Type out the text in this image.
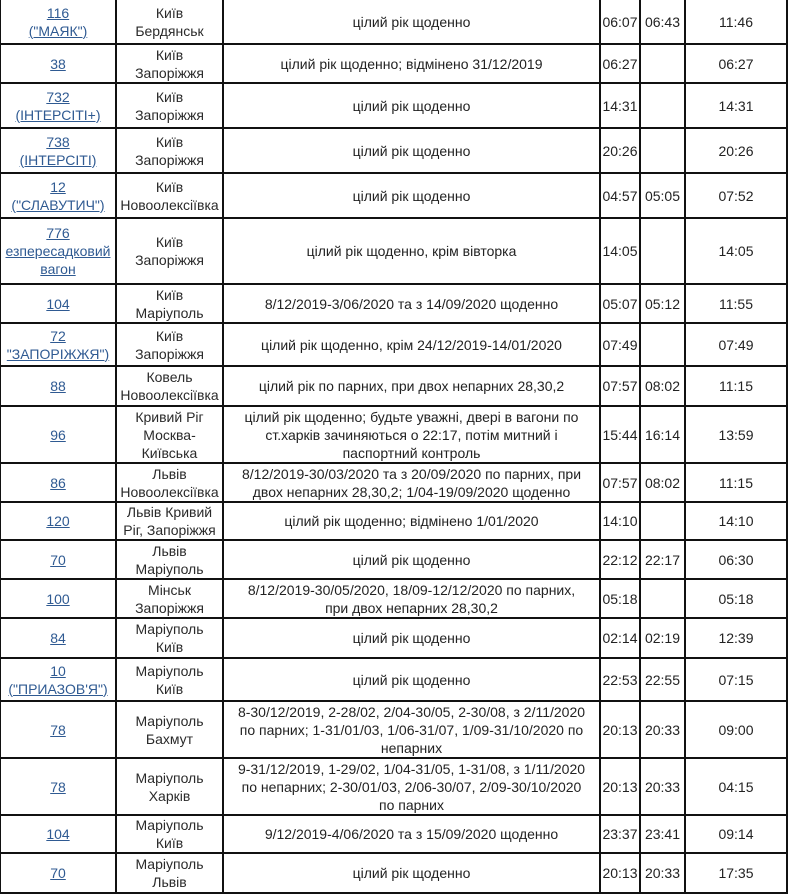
116
("МАЯК")	Київ
Бердянськ	цілий рік щоденно	06:07	06:43	11:46

38	Київ
Запоріжжя	цілий рік щоденно; відмінено 31/12/2019	06:27		06:27

732
(ІНТЕРСІТІ+)	Київ
Запоріжжя	цілий рік щоденно	14:31		14:31

738
(ІНТЕРСІТІ)	Київ
Запоріжжя	цілий рік щоденно	20:26		20:26

12
("СЛАВУТИЧ")	Київ
Новоолексіївка	цілий рік щоденно	04:57	05:05	07:52

776
езпересадковий
вагон	Київ
Запоріжжя	цілий рік щоденно, крім вівторка	14:05		14:05

104	Київ
Маріуполь	8/12/2019-3/06/2020 та з 14/09/2020 щоденно	05:07	05:12	11:55

72
"ЗАПОРІЖЖЯ")	Київ
Запоріжжя	цілий рік щоденно, крім 24/12/2019-14/01/2020	07:49		07:49

88	Ковель
Новоолексіївка	цілий рік по парних, при двох непарних 28,30,2	07:57	08:02	11:15

96	Кривий Ріг
Москва-
Київська	цілий рік щоденно; будьте уважні, двері в вагони по
ст.харків зачиняються о 22:17, потім митний і
паспортний контроль	15:44	16:14	13:59

86	Львів
Новоолексіївка	8/12/2019-30/03/2020 та з 20/09/2020 по парних, при
двох непарних 28,30,2; 1/04-19/09/2020 щоденно	07:57	08:02	11:15

120	Львів Кривий
Ріг, Запоріжжя	цілий рік щоденно; відмінено 1/01/2020	14:10		14:10

70	Львів
Маріуполь	цілий рік щоденно	22:12	22:17	06:30

100	Мінськ
Запоріжжя	8/12/2019-30/05/2020, 18/09-12/12/2020 по парних,
при двох непарних 28,30,2	05:18		05:18

84	Маріуполь
Київ	цілий рік щоденно	02:14	02:19	12:39

10
("ПРИАЗОВ'Я")	Маріуполь
Київ	цілий рік щоденно	22:53	22:55	07:15

78	Маріуполь
Бахмут	8-30/12/2019, 2-28/02, 2/04-30/05, 2-30/08, з 2/11/2020
по парних; 1-31/01/03, 1/06-31/07, 1/09-31/10/2020 по
непарних	20:13	20:33	09:00

78	Маріуполь
Харків	9-31/12/2019, 1-29/02, 1/04-31/05, 1-31/08, з 1/11/2020
по непарних; 2-30/01/03, 2/06-30/07, 2/09-30/10/2020
по парних	20:13	20:33	04:15

104	Маріуполь
Київ	9/12/2019-4/06/2020 та з 15/09/2020 щоденно	23:37	23:41	09:14

70	Маріуполь
Львів	цілий рік щоденно	20:13	20:33	17:35
